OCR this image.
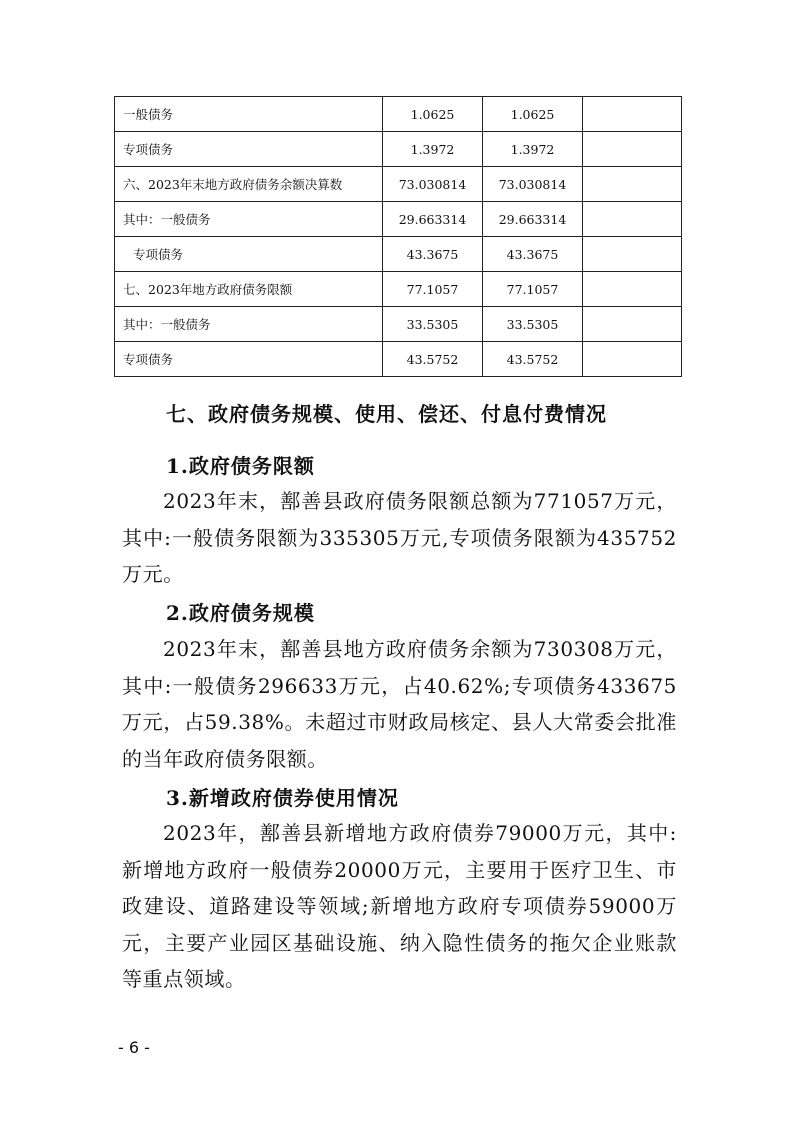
一般债务	1.0625	1.0625	
专项债务	1.3972	1.3972	
六、2023年末地方政府债务余额决算数	73.030814	73.030814	
其中：一般债务	29.663314	29.663314	
专项债务	43.3675	43.3675	
七、2023年地方政府债务限额	77.1057	77.1057	
其中：一般债务	33.5305	33.5305	
专项债务	43.5752	43.5752	
七、政府债务规模、使用、偿还、付息付费情况
1.政府债务限额

2023年末，鄯善县政府债务限额总额为771057万元，其中:一般债务限额为335305万元,专项债务限额为435752万元。

2.政府债务规模

2023年末，鄯善县地方政府债务余额为730308万元，其中:一般债务296633万元，占40.62%;专项债务433675万元，占59.38%。未超过市财政局核定、县人大常委会批准的当年政府债务限额。

3.新增政府债券使用情况

2023年，鄯善县新增地方政府债券79000万元，其中:新增地方政府一般债券20000万元，主要用于医疗卫生、市政建设、道路建设等领域;新增地方政府专项债券59000万元，主要产业园区基础设施、纳入隐性债务的拖欠企业账款等重点领域。

- 6 -
